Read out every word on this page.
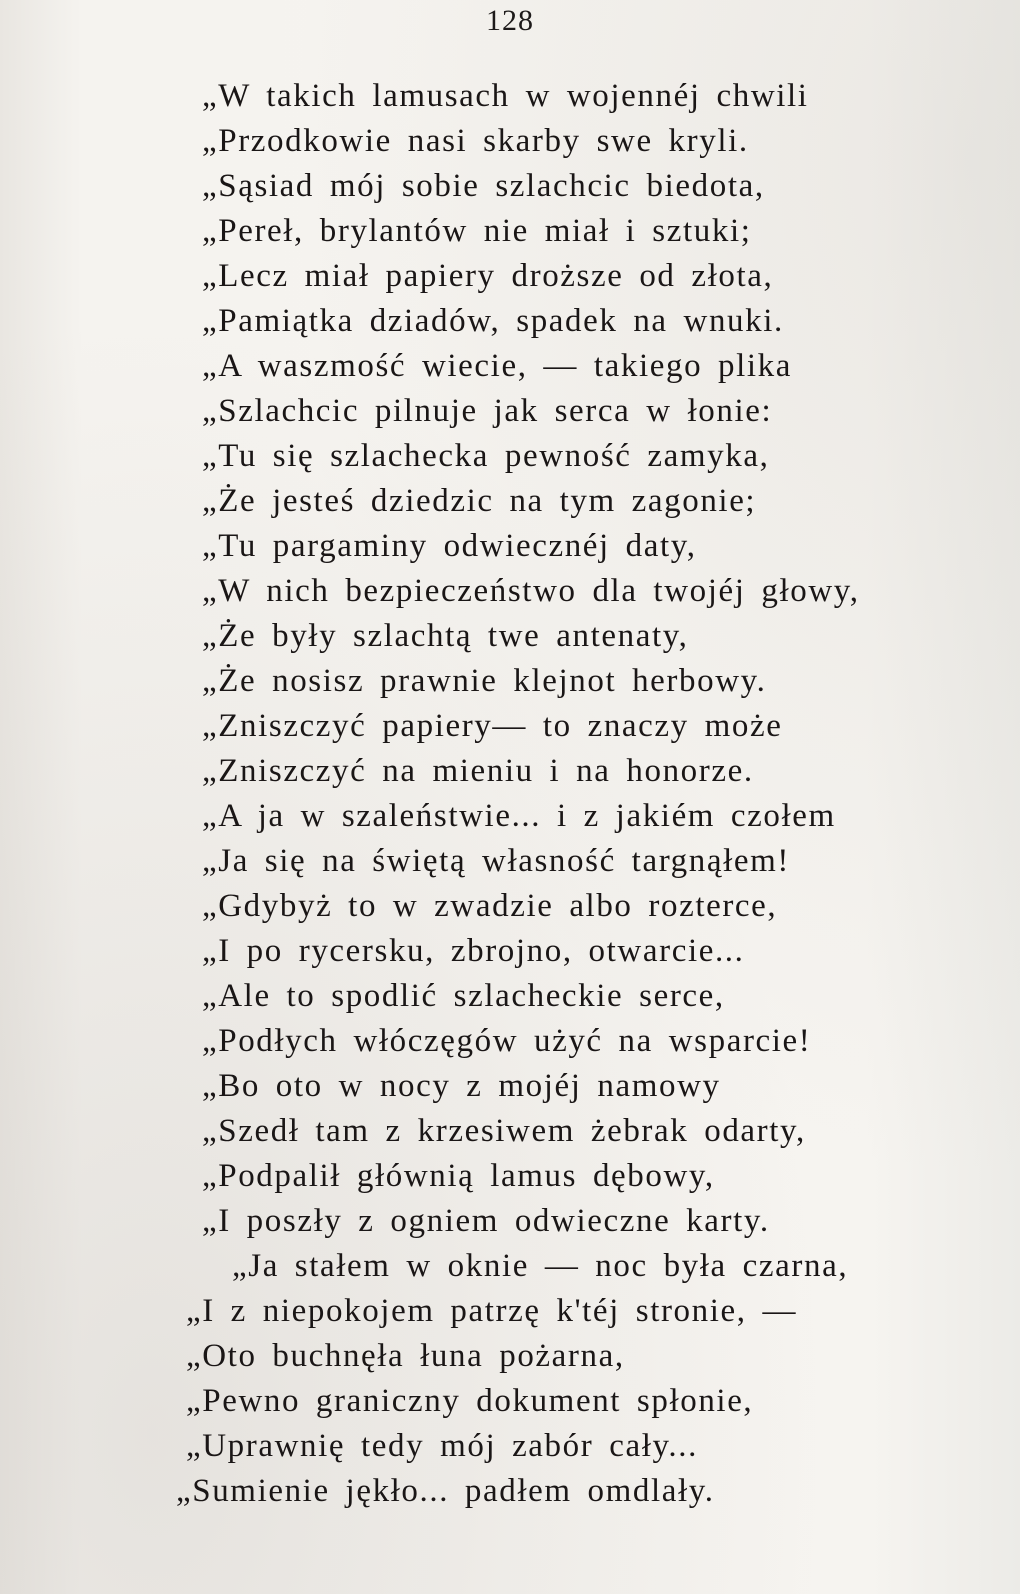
128
„W takich lamusach w wojennéj chwili
„Przodkowie nasi skarby swe kryli.
„Sąsiad mój sobie szlachcic biedota,
„Pereł, brylantów nie miał i sztuki;
„Lecz miał papiery droższe od złota,
„Pamiątka dziadów, spadek na wnuki.
„A waszmość wiecie, — takiego plika
„Szlachcic pilnuje jak serca w łonie:
„Tu się szlachecka pewność zamyka,
„Że jesteś dziedzic na tym zagonie;
„Tu pargaminy odwiecznéj daty,
„W nich bezpieczeństwo dla twojéj głowy,
„Że były szlachtą twe antenaty,
„Że nosisz prawnie klejnot herbowy.
„Zniszczyć papiery— to znaczy może
„Zniszczyć na mieniu i na honorze.
„A ja w szaleństwie... i z jakiém czołem
„Ja się na świętą własność targnąłem!
„Gdybyż to w zwadzie albo rozterce,
„I po rycersku, zbrojno, otwarcie...
„Ale to spodlić szlacheckie serce,
„Podłych włóczęgów użyć na wsparcie!
„Bo oto w nocy z mojéj namowy
„Szedł tam z krzesiwem żebrak odarty,
„Podpalił głównią lamus dębowy,
„I poszły z ogniem odwieczne karty.
„Ja stałem w oknie — noc była czarna,
„I z niepokojem patrzę k'téj stronie, —
„Oto buchnęła łuna pożarna,
„Pewno graniczny dokument spłonie,
„Uprawnię tedy mój zabór cały...
„Sumienie jękło... padłem omdlały.
